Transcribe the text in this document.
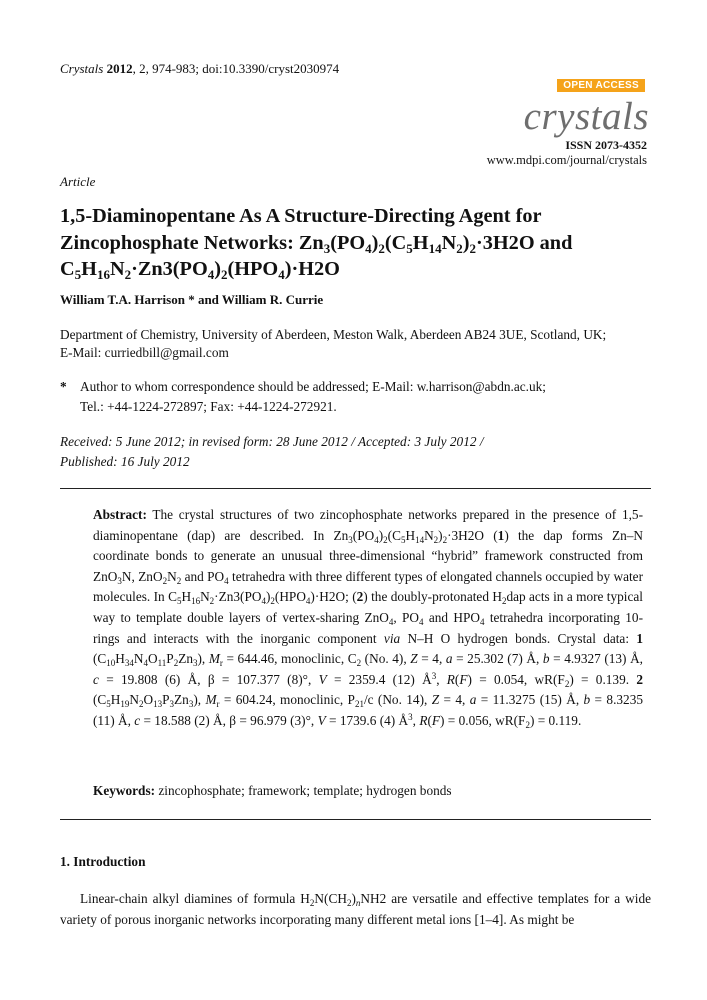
Crystals 2012, 2, 974-983; doi:10.3390/cryst2030974
OPEN ACCESS
crystals
ISSN 2073-4352
www.mdpi.com/journal/crystals
Article
1,5-Diaminopentane As A Structure-Directing Agent for
Zincophosphate Networks: $Zn_3(PO_4)_2(C_5H_{14}N_2)_2\cdot 3H2O$ and
$C_5H_{16}N_2\cdot Zn3(PO_4)_2(HPO_4)\cdot H2O$
William T.A. Harrison * and William R. Currie
Department of Chemistry, University of Aberdeen, Meston Walk, Aberdeen AB24 3UE, Scotland, UK;
E-Mail: curriedbill@gmail.com
* Author to whom correspondence should be addressed; E-Mail: w.harrison@abdn.ac.uk;
Tel.: +44-1224-272897; Fax: +44-1224-272921.
Received: 5 June 2012; in revised form: 28 June 2012 / Accepted: 3 July 2012 /
Published: 16 July 2012
Abstract: The crystal structures of two zincophosphate networks prepared in the presence of 1,5-diaminopentane (dap) are described. In $Zn_3(PO_4)_2(C_5H_{14}N_2)_2\cdot 3H2O$ (1) the dap forms Zn–N coordinate bonds to generate an unusual three-dimensional “hybrid” framework constructed from ZnO$_3$N, $ZnO_2N_2$ and $PO_4$ tetrahedra with three different types of elongated channels occupied by water molecules. In $C_5H_{16}N_2\cdot Zn3(PO_4)_2(HPO_4)\cdot H2O$; (2) the doubly-protonated $H_2dap$ acts in a more typical way to template double layers of vertex-sharing ZnO$_4$, $PO_4$ and $HPO_4$ tetrahedra incorporating 10-rings and interacts with the inorganic component via N–H O hydrogen bonds. Crystal data: 1 $(C_{10}H_{34}N_4O_{11}P_2Zn_3)$, $M_r = 644.46$, monoclinic, $C_2$ (No. 4), Z = 4, a = 25.302 (7) Å, b = 4.9327 (13) Å, c = 19.808 (6) Å, β = 107.377 (8)°, V = 2359.4 (12) $Å^3$, R(F) = 0.054, $wR(F_2) = 0.139$. 2 $(C_5H_{19}N_2O_{13}P_3Zn_3)$, $M_r = 604.24$, monoclinic, $P_{21}/c$ (No. 14), Z = 4, a = 11.3275 (15) Å, b = 8.3235 (11) Å, c = 18.588 (2) Å, β = 96.979 (3)°, V = 1739.6 (4) $Å^3$, R(F) = 0.056, $wR(F_2) = 0.119$.
Keywords: zincophosphate; framework; template; hydrogen bonds
1. Introduction
Linear-chain alkyl diamines of formula $H_2N(CH_2)_nNH2$ are versatile and effective templates for a wide variety of porous inorganic networks incorporating many different metal ions [1–4]. As might be
